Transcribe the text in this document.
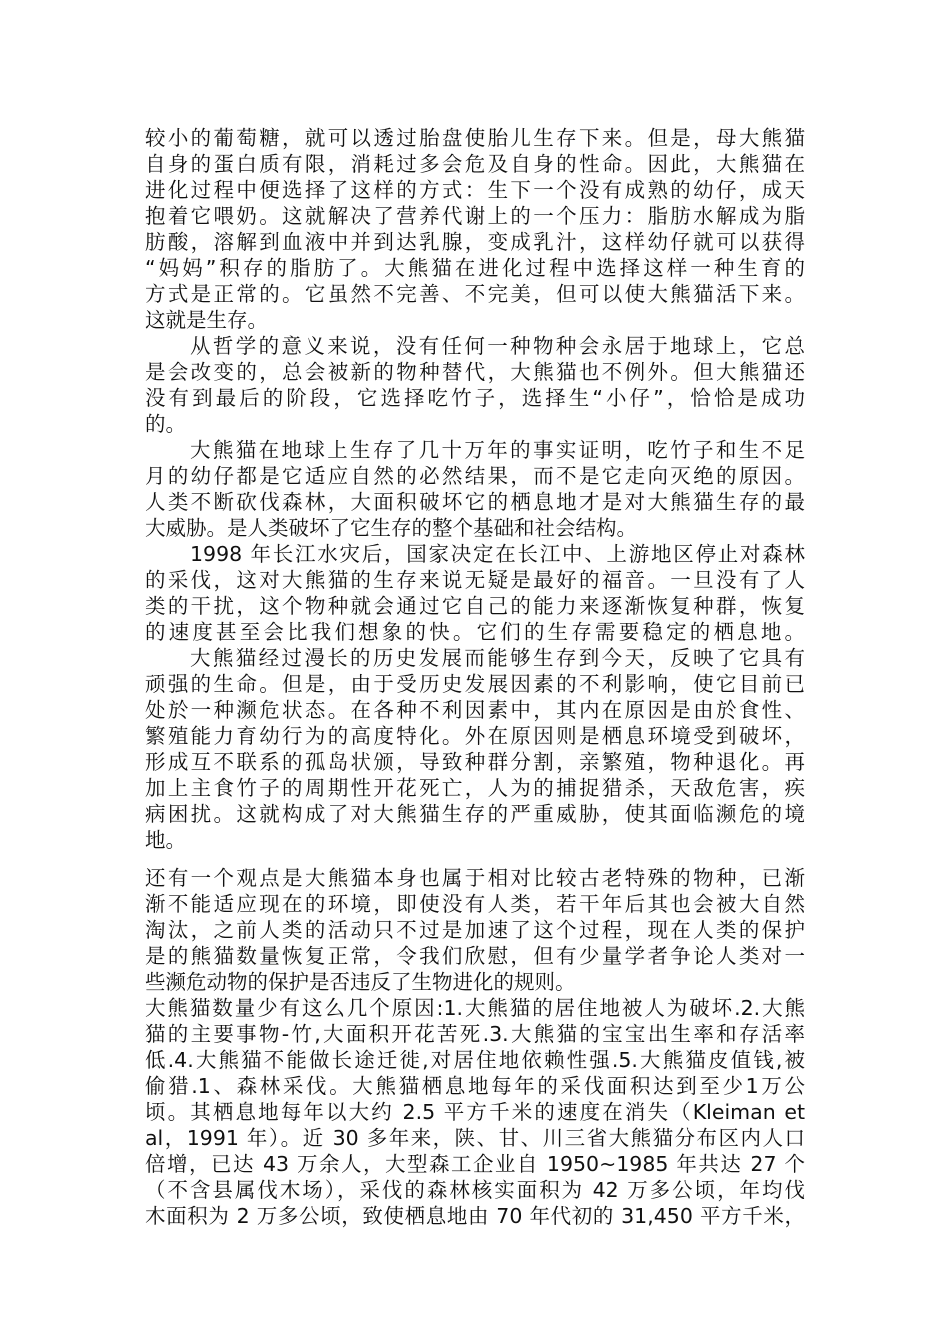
较小的葡萄糖，就可以透过胎盘使胎儿生存下来。但是，母大熊猫
自身的蛋白质有限，消耗过多会危及自身的性命。因此，大熊猫在
进化过程中便选择了这样的方式：生下一个没有成熟的幼仔，成天
抱着它喂奶。这就解决了营养代谢上的一个压力：脂肪水解成为脂
肪酸，溶解到血液中并到达乳腺，变成乳汁，这样幼仔就可以获得
“妈妈”积存的脂肪了。大熊猫在进化过程中选择这样一种生育的
方式是正常的。它虽然不完善、不完美，但可以使大熊猫活下来。
这就是生存。
从哲学的意义来说，没有任何一种物种会永居于地球上，它总
是会改变的，总会被新的物种替代，大熊猫也不例外。但大熊猫还
没有到最后的阶段，它选择吃竹子，选择生“小仔”，恰恰是成功
的。
大熊猫在地球上生存了几十万年的事实证明，吃竹子和生不足
月的幼仔都是它适应自然的必然结果，而不是它走向灭绝的原因。
人类不断砍伐森林，大面积破坏它的栖息地才是对大熊猫生存的最
大威胁。是人类破坏了它生存的整个基础和社会结构。
1998 年长江水灾后，国家决定在长江中、上游地区停止对森林
的采伐，这对大熊猫的生存来说无疑是最好的福音。一旦没有了人
类的干扰，这个物种就会通过它自己的能力来逐渐恢复种群，恢复
的速度甚至会比我们想象的快。它们的生存需要稳定的栖息地。
大熊猫经过漫长的历史发展而能够生存到今天，反映了它具有
顽强的生命。但是，由于受历史发展因素的不利影响，使它目前已
处於一种濒危状态。在各种不利因素中，其内在原因是由於食性、
繁殖能力育幼行为的高度特化。外在原因则是栖息环境受到破坏，
形成互不联系的孤岛状颁，导致种群分割，亲繁殖，物种退化。再
加上主食竹子的周期性开花死亡，人为的捕捉猎杀，天敌危害，疾
病困扰。这就构成了对大熊猫生存的严重威胁，使其面临濒危的境
地。
还有一个观点是大熊猫本身也属于相对比较古老特殊的物种，已渐
渐不能适应现在的环境，即使没有人类，若干年后其也会被大自然
淘汰，之前人类的活动只不过是加速了这个过程，现在人类的保护
是的熊猫数量恢复正常，令我们欣慰，但有少量学者争论人类对一
些濒危动物的保护是否违反了生物进化的规则。
大熊猫数量少有这么几个原因:1.大熊猫的居住地被人为破坏.2.大熊
猫的主要事物-竹,大面积开花苦死.3.大熊猫的宝宝出生率和存活率
低.4.大熊猫不能做长途迁徙,对居住地依赖性强.5.大熊猫皮值钱,被
偷猎.1、森林采伐。大熊猫栖息地每年的采伐面积达到至少1万公
顷。其栖息地每年以大约 2.5 平方千米的速度在消失（Kleiman et
al，1991 年）。近 30 多年来，陕、甘、川三省大熊猫分布区内人口
倍增，已达 43 万余人，大型森工企业自 1950~1985 年共达 27 个
（不含县属伐木场），采伐的森林核实面积为 42 万多公顷，年均伐
木面积为 2 万多公顷，致使栖息地由 70 年代初的 31,450 平方千米，
